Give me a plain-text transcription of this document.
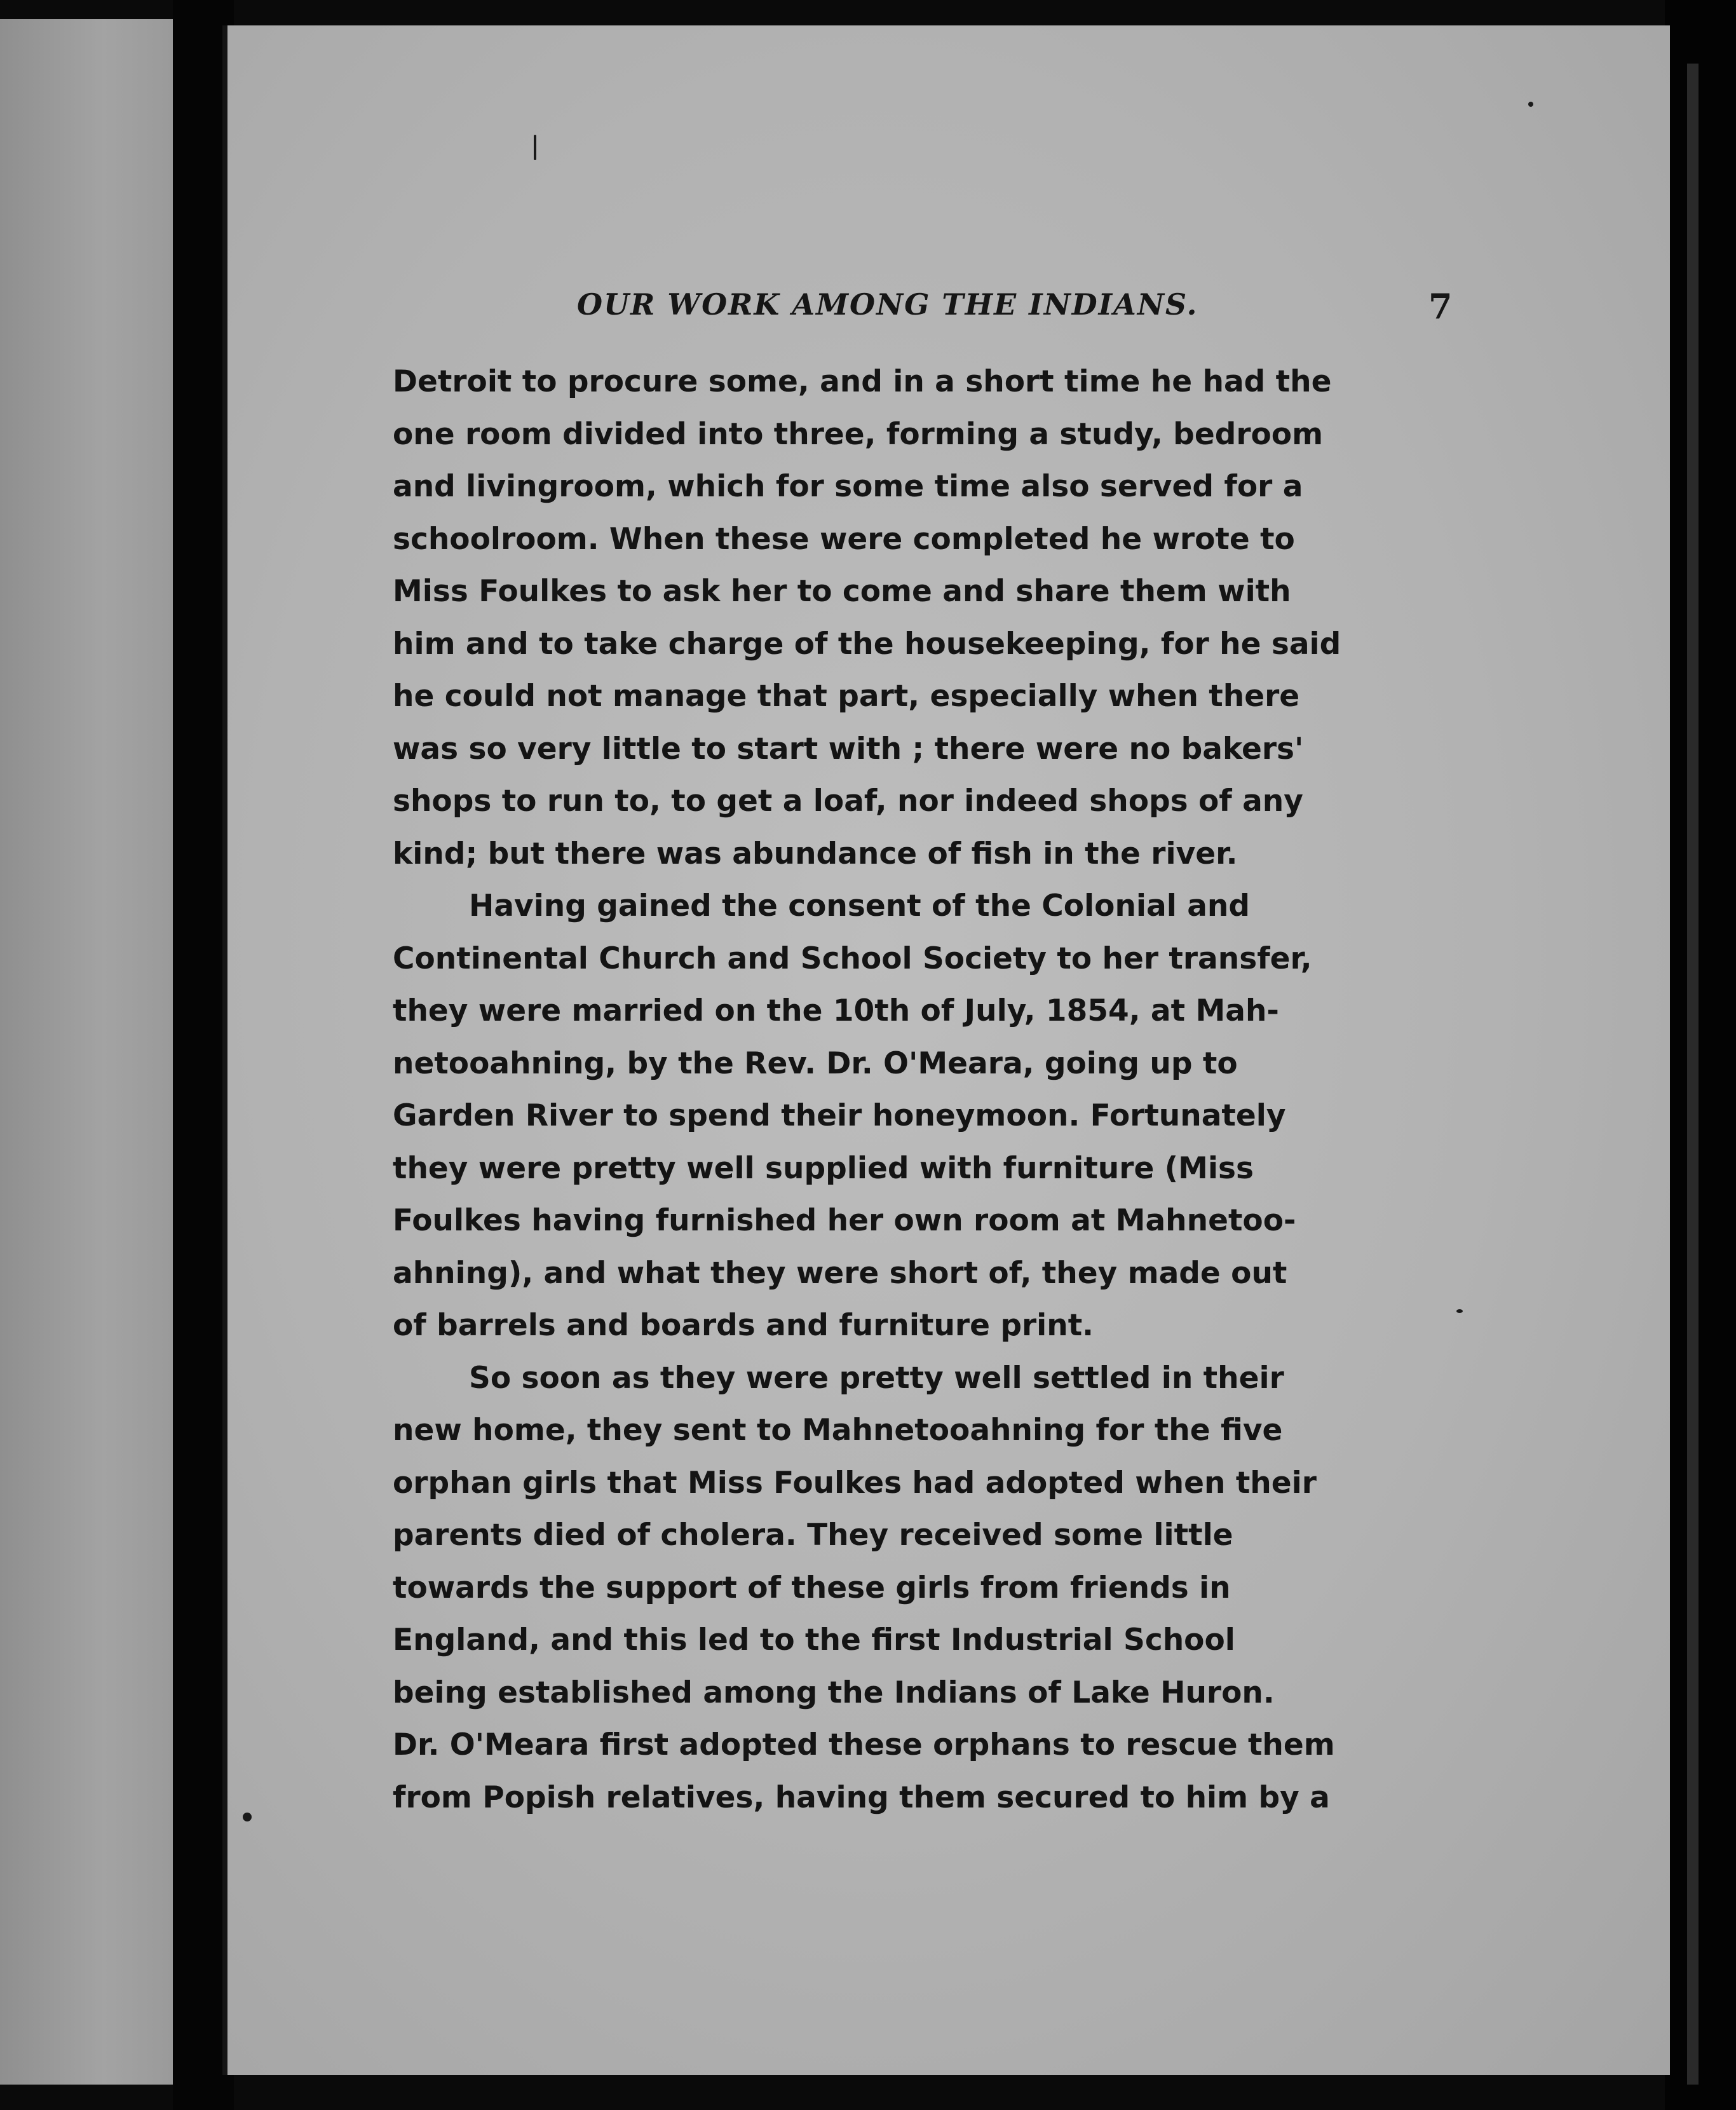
OUR WORK AMONG THE INDIANS.	7
Detroit to procure some, and in a short time he had the
one room divided into three, forming a study, bedroom
and livingroom, which for some time also served for a
schoolroom. When these were completed he wrote to
Miss Foulkes to ask her to come and share them with
him and to take charge of the housekeeping, for he said
he could not manage that part, especially when there
was so very little to start with ; there were no bakers'
shops to run to, to get a loaf, nor indeed shops of any
kind; but there was abundance of fish in the river.
Having gained the consent of the Colonial and
Continental Church and School Society to her transfer,
they were married on the 10th of July, 1854, at Mah-
netooahning, by the Rev. Dr. O'Meara, going up to
Garden River to spend their honeymoon. Fortunately
they were pretty well supplied with furniture (Miss
Foulkes having furnished her own room at Mahnetoo-
ahning), and what they were short of, they made out
of barrels and boards and furniture print.
So soon as they were pretty well settled in their
new home, they sent to Mahnetooahning for the five
orphan girls that Miss Foulkes had adopted when their
parents died of cholera. They received some little
towards the support of these girls from friends in
England, and this led to the first Industrial School
being established among the Indians of Lake Huron.
Dr. O'Meara first adopted these orphans to rescue them
from Popish relatives, having them secured to him by a
